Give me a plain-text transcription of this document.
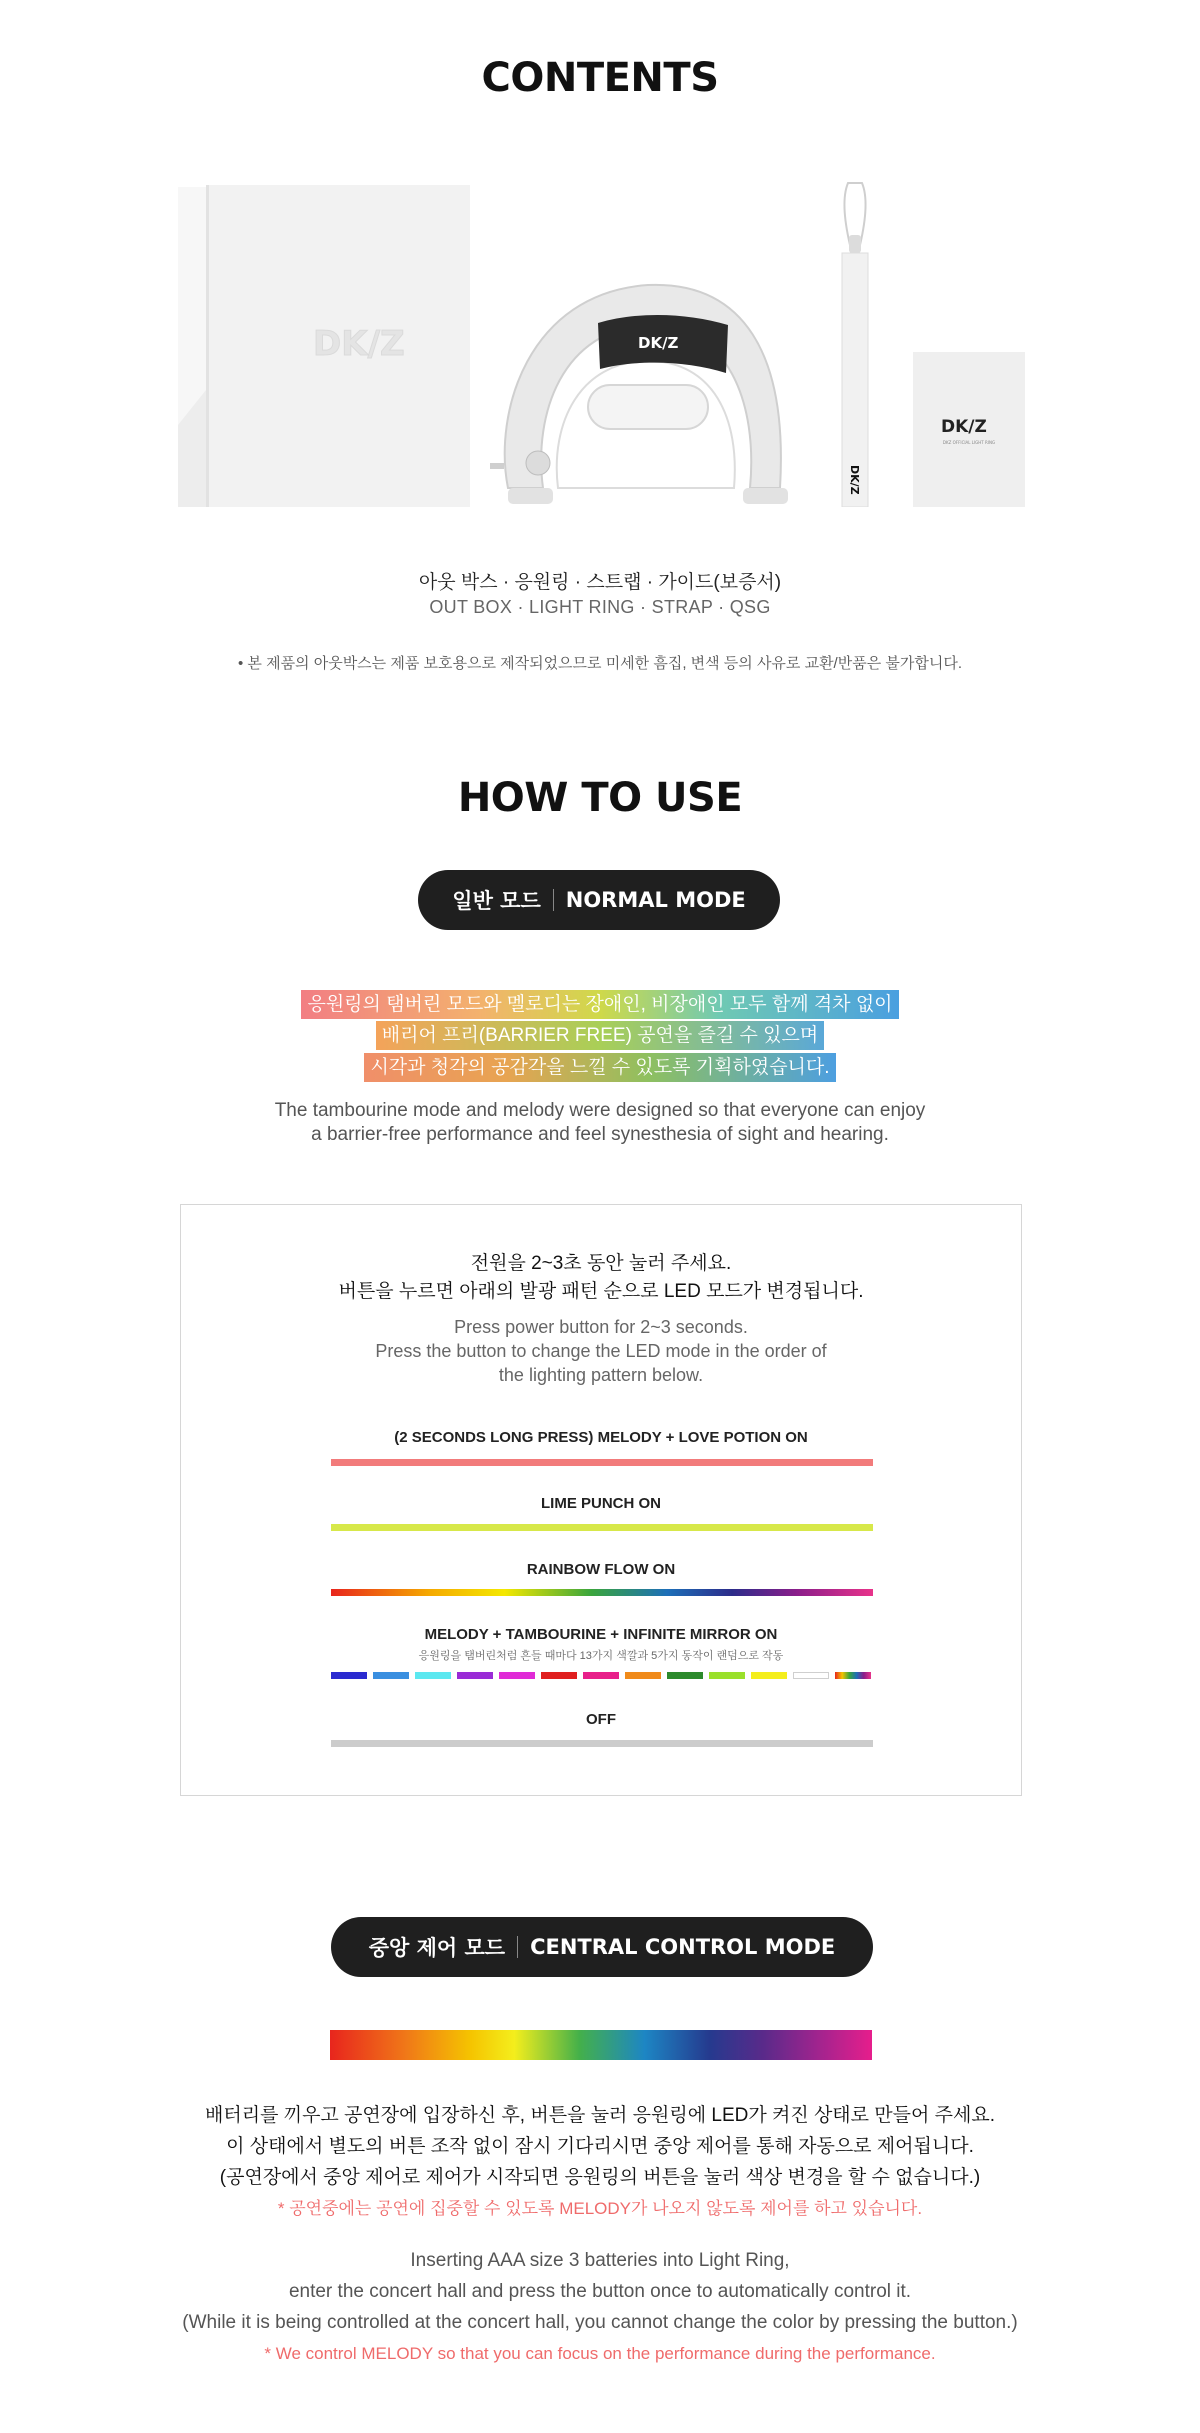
CONTENTS
DK/Z	DK/Z
DK/Z
DK/Z
DKZ OFFICIAL LIGHT RING
아웃 박스 · 응원링 · 스트랩 · 가이드(보증서)
OUT BOX · LIGHT RING · STRAP · QSG
• 본 제품의 아웃박스는 제품 보호용으로 제작되었으므로 미세한 흠집, 변색 등의 사유로 교환/반품은 불가합니다.
HOW TO USE
일반 모드 NORMAL MODE
응원링의 탬버린 모드와 멜로디는 장애인, 비장애인 모두 함께 격차 없이
배리어 프리(BARRIER FREE) 공연을 즐길 수 있으며
시각과 청각의 공감각을 느낄 수 있도록 기획하였습니다.
The tambourine mode and melody were designed so that everyone can enjoy
a barrier-free performance and feel synesthesia of sight and hearing.
전원을 2~3초 동안 눌러 주세요.
버튼을 누르면 아래의 발광 패턴 순으로 LED 모드가 변경됩니다.
Press power button for 2~3 seconds.
Press the button to change the LED mode in the order of
the lighting pattern below.
(2 SECONDS LONG PRESS) MELODY + LOVE POTION ON
LIME PUNCH ON
RAINBOW FLOW ON
MELODY + TAMBOURINE + INFINITE MIRROR ON
응원링을 탬버린처럼 흔들 때마다 13가지 색깔과 5가지 동작이 랜덤으로 작동
OFF
중앙 제어 모드 CENTRAL CONTROL MODE
배터리를 끼우고 공연장에 입장하신 후, 버튼을 눌러 응원링에 LED가 켜진 상태로 만들어 주세요.
이 상태에서 별도의 버튼 조작 없이 잠시 기다리시면 중앙 제어를 통해 자동으로 제어됩니다.
(공연장에서 중앙 제어로 제어가 시작되면 응원링의 버튼을 눌러 색상 변경을 할 수 없습니다.)
* 공연중에는 공연에 집중할 수 있도록 MELODY가 나오지 않도록 제어를 하고 있습니다.
Inserting AAA size 3 batteries into Light Ring,
enter the concert hall and press the button once to automatically control it.
(While it is being controlled at the concert hall, you cannot change the color by pressing the button.)
* We control MELODY so that you can focus on the performance during the performance.
